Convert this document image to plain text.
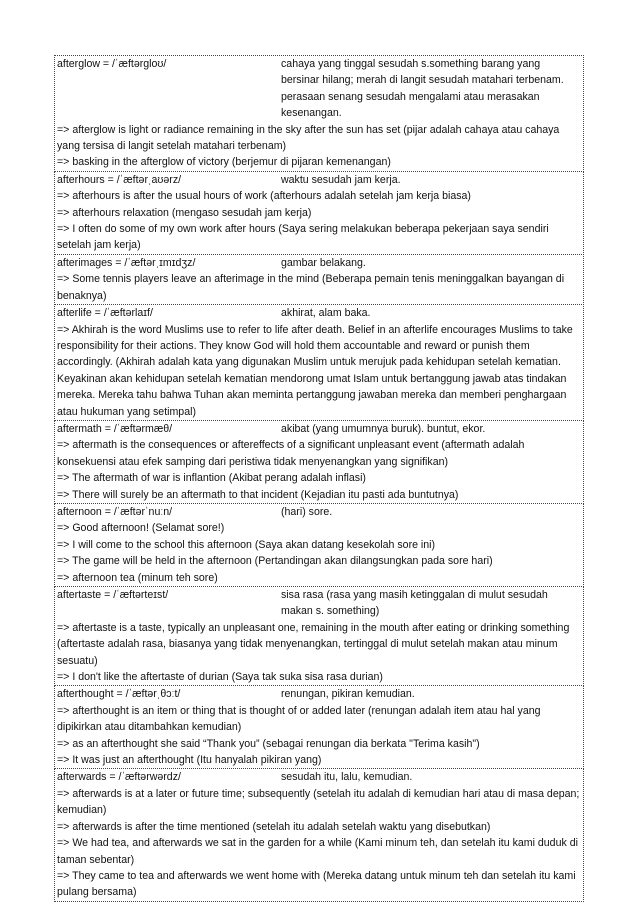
afterglow = /ˈæftərgloʊ/	cahaya yang tinggal sesudah s.something barang yang bersinar hilang; merah di langit sesudah matahari terbenam. perasaan senang sesudah mengalami atau merasakan kesenangan.
=> afterglow is light or radiance remaining in the sky after the sun has set (pijar adalah cahaya atau cahaya yang tersisa di langit setelah matahari terbenam)
=> basking in the afterglow of victory (berjemur di pijaran kemenangan)
afterhours = /ˈæftərˌaʊərz/	waktu sesudah jam kerja.
=> afterhours is after the usual hours of work (afterhours adalah setelah jam kerja biasa)
=> afterhours relaxation (mengaso sesudah jam kerja)
=> I often do some of my own work after hours (Saya sering melakukan beberapa pekerjaan saya sendiri setelah jam kerja)
afterimages = /ˈæftərˌɪmɪdʒz/	gambar belakang.
=> Some tennis players leave an afterimage in the mind (Beberapa pemain tenis meninggalkan bayangan di benaknya)
afterlife = /ˈæftərlaɪf/	akhirat, alam baka.
=> Akhirah is the word Muslims use to refer to life after death. Belief in an afterlife encourages Muslims to take responsibility for their actions. They know God will hold them accountable and reward or punish them accordingly. (Akhirah adalah kata yang digunakan Muslim untuk merujuk pada kehidupan setelah kematian. Keyakinan akan kehidupan setelah kematian mendorong umat Islam untuk bertanggung jawab atas tindakan mereka. Mereka tahu bahwa Tuhan akan meminta pertanggung jawaban mereka dan memberi penghargaan atau hukuman yang setimpal)
aftermath = /ˈæftərmæθ/	akibat (yang umumnya buruk). buntut, ekor.
=> aftermath is the consequences or aftereffects of a significant unpleasant event (aftermath adalah konsekuensi atau efek samping dari peristiwa tidak menyenangkan yang signifikan)
=> The aftermath of war is inflantion (Akibat perang adalah inflasi)
=> There will surely be an aftermath to that incident (Kejadian itu pasti ada buntutnya)
afternoon = /ˈæftərˈnuːn/	(hari) sore.
=> Good afternoon! (Selamat sore!)
=> I will come to the school this afternoon (Saya akan datang kesekolah sore ini)
=> The game will be held in the afternoon (Pertandingan akan dilangsungkan pada sore hari)
=> afternoon tea (minum teh sore)
aftertaste = /ˈæftərteɪst/	sisa rasa (rasa yang masih ketinggalan di mulut sesudah makan s. something)
=> aftertaste is a taste, typically an unpleasant one, remaining in the mouth after eating or drinking something (aftertaste adalah rasa, biasanya yang tidak menyenangkan, tertinggal di mulut setelah makan atau minum sesuatu)
=> I don't like the aftertaste of durian (Saya tak suka sisa rasa durian)
afterthought = /ˈæftərˌθɔːt/	renungan, pikiran kemudian.
=> afterthought is an item or thing that is thought of or added later (renungan adalah item atau hal yang dipikirkan atau ditambahkan kemudian)
=> as an afterthought she said “Thank you” (sebagai renungan dia berkata "Terima kasih")
=> It was just an afterthought (Itu hanyalah pikiran yang)
afterwards = /ˈæftərwərdz/	sesudah itu, lalu, kemudian.
=> afterwards is at a later or future time; subsequently (setelah itu adalah di kemudian hari atau di masa depan; kemudian)
=> afterwards is after the time mentioned (setelah itu adalah setelah waktu yang disebutkan)
=> We had tea, and afterwards we sat in the garden for a while (Kami minum teh, dan setelah itu kami duduk di taman sebentar)
=> They came to tea and afterwards we went home with (Mereka datang untuk minum teh dan setelah itu kami pulang bersama)
